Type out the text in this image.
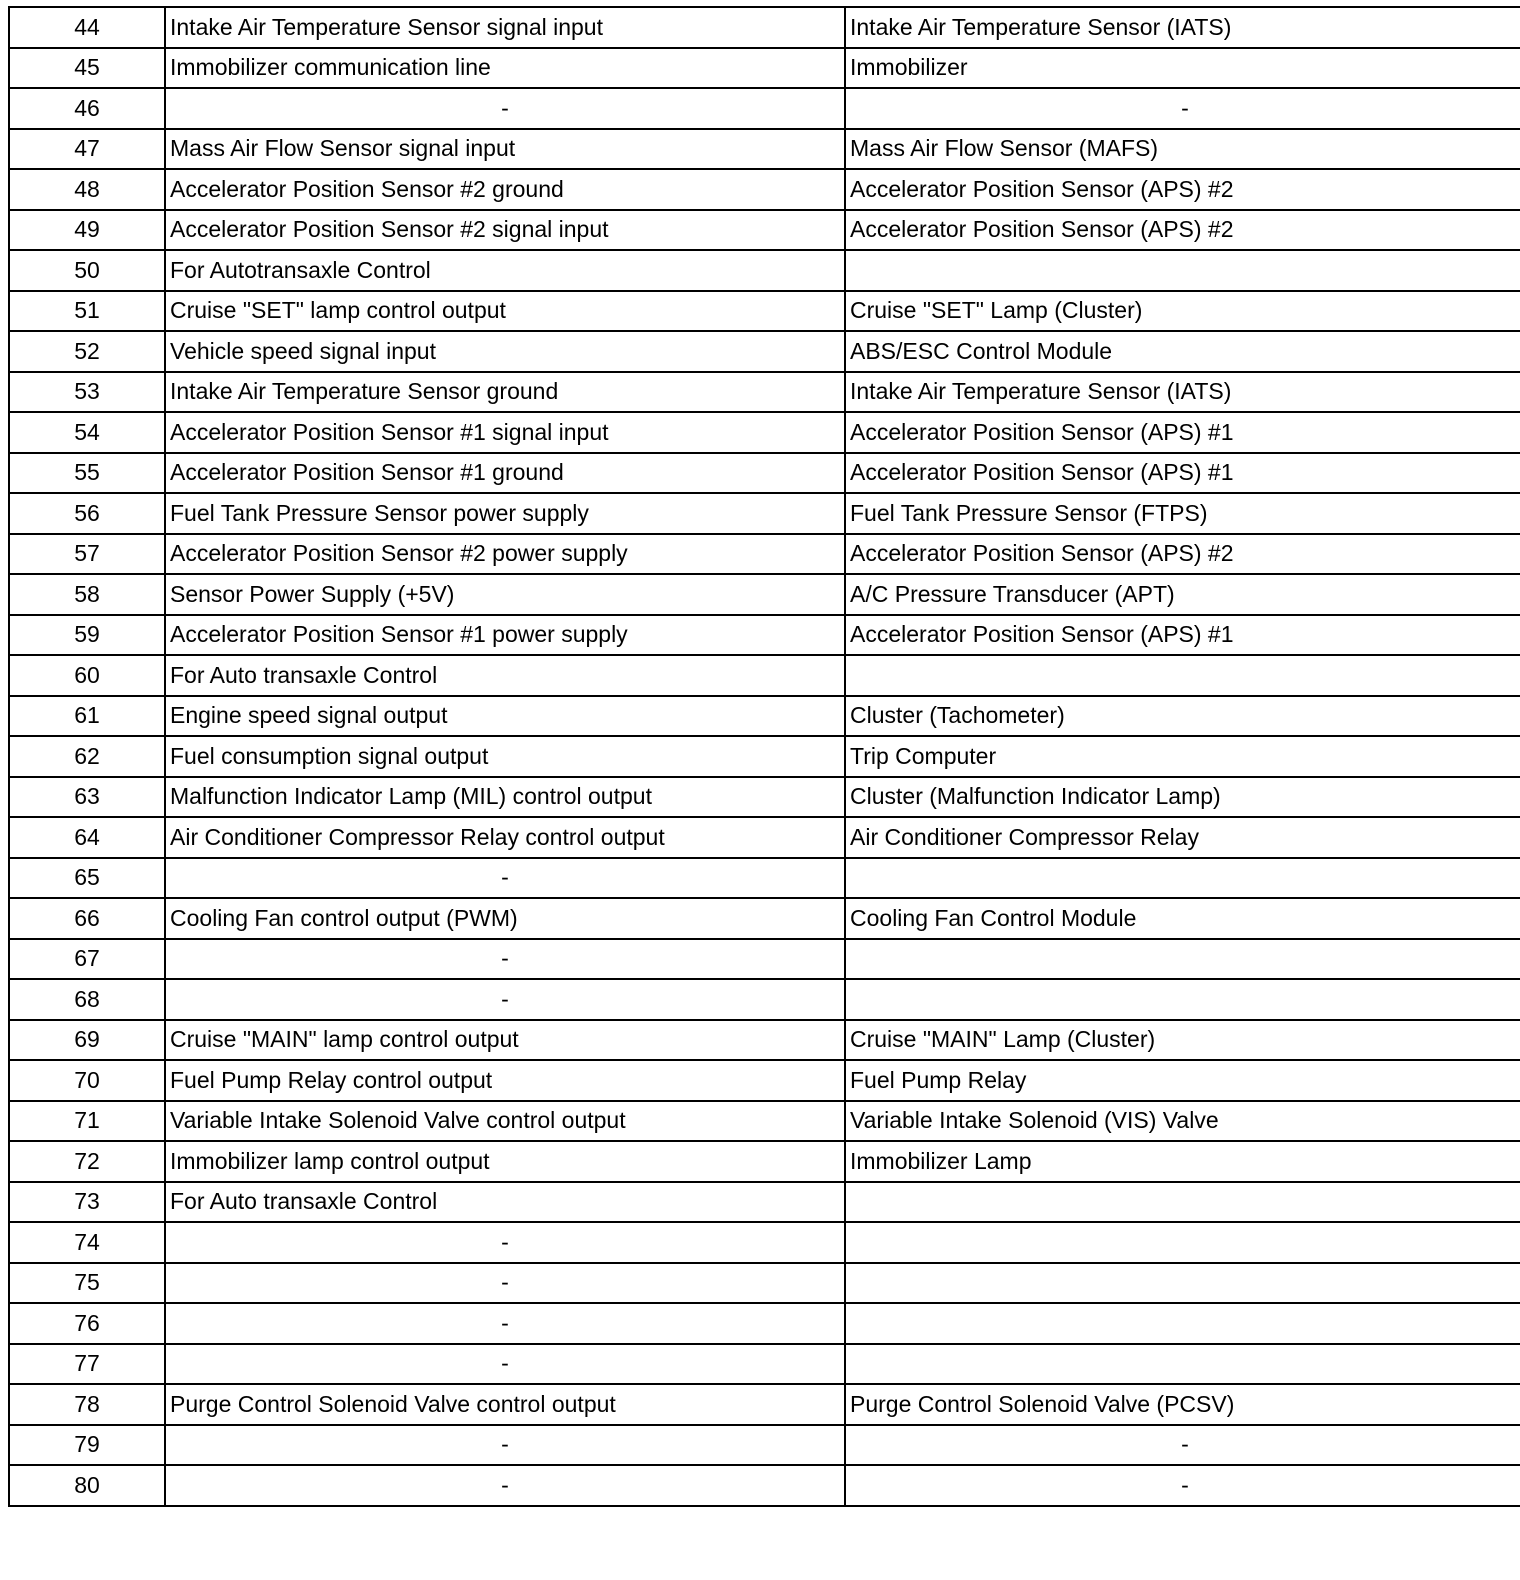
44	Intake Air Temperature Sensor signal input	Intake Air Temperature Sensor (IATS)
45	Immobilizer communication line	Immobilizer
46	-	-
47	Mass Air Flow Sensor signal input	Mass Air Flow Sensor (MAFS)
48	Accelerator Position Sensor #2 ground	Accelerator Position Sensor (APS) #2
49	Accelerator Position Sensor #2 signal input	Accelerator Position Sensor (APS) #2
50	For Autotransaxle Control	
51	Cruise "SET" lamp control output	Cruise "SET" Lamp (Cluster)
52	Vehicle speed signal input	ABS/ESC Control Module
53	Intake Air Temperature Sensor ground	Intake Air Temperature Sensor (IATS)
54	Accelerator Position Sensor #1 signal input	Accelerator Position Sensor (APS) #1
55	Accelerator Position Sensor #1 ground	Accelerator Position Sensor (APS) #1
56	Fuel Tank Pressure Sensor power supply	Fuel Tank Pressure Sensor (FTPS)
57	Accelerator Position Sensor #2 power supply	Accelerator Position Sensor (APS) #2
58	Sensor Power Supply (+5V)	A/C Pressure Transducer (APT)
59	Accelerator Position Sensor #1 power supply	Accelerator Position Sensor (APS) #1
60	For Auto transaxle Control	
61	Engine speed signal output	Cluster (Tachometer)
62	Fuel consumption signal output	Trip Computer
63	Malfunction Indicator Lamp (MIL) control output	Cluster (Malfunction Indicator Lamp)
64	Air Conditioner Compressor Relay control output	Air Conditioner Compressor Relay
65	-	
66	Cooling Fan control output (PWM)	Cooling Fan Control Module
67	-	
68	-	
69	Cruise "MAIN" lamp control output	Cruise "MAIN" Lamp (Cluster)
70	Fuel Pump Relay control output	Fuel Pump Relay
71	Variable Intake Solenoid Valve control output	Variable Intake Solenoid (VIS) Valve
72	Immobilizer lamp control output	Immobilizer Lamp
73	For Auto transaxle Control	
74	-	
75	-	
76	-	
77	-	
78	Purge Control Solenoid Valve control output	Purge Control Solenoid Valve (PCSV)
79	-	-
80	-	-
